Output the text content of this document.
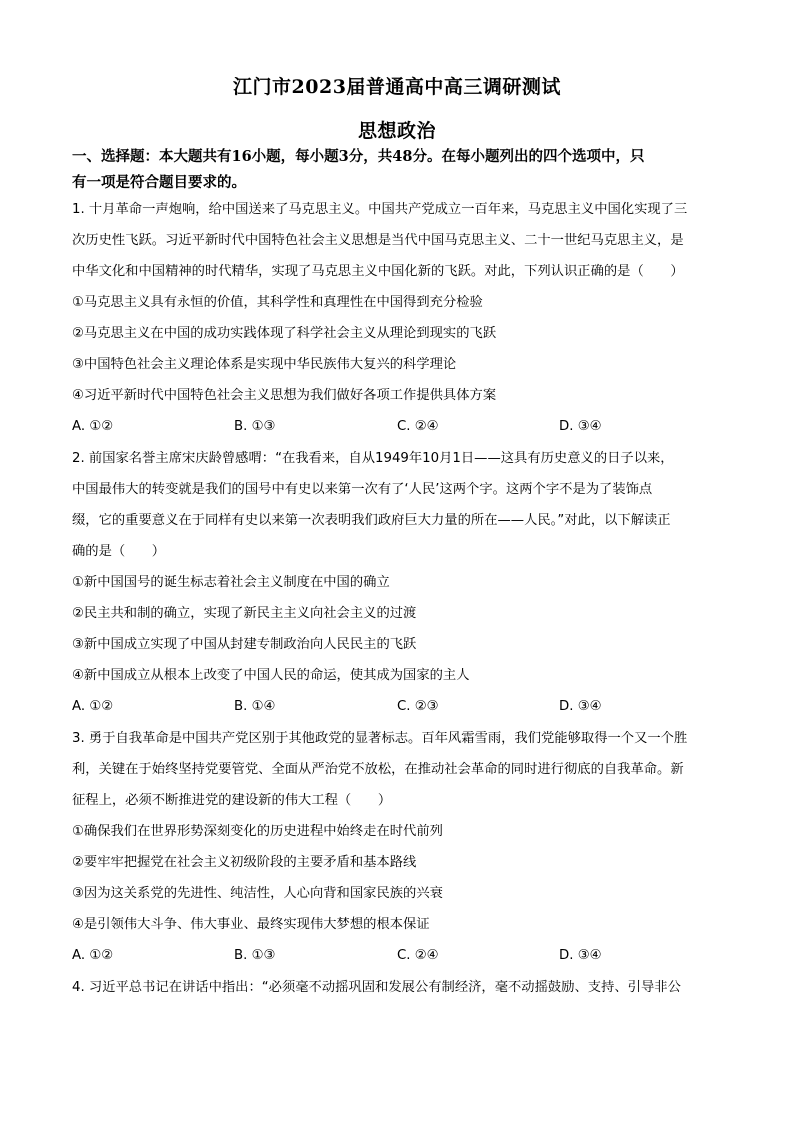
江门市2023届普通高中高三调研测试
思想政治
一、选择题：本大题共有16小题，每小题3分，共48分。在每小题列出的四个选项中，只
有一项是符合题目要求的。
1. 十月革命一声炮响，给中国送来了马克思主义。中国共产党成立一百年来，马克思主义中国化实现了三
次历史性飞跃。习近平新时代中国特色社会主义思想是当代中国马克思主义、二十一世纪马克思主义，是
中华文化和中国精神的时代精华，实现了马克思主义中国化新的飞跃。对此，下列认识正确的是（　　）
①马克思主义具有永恒的价值，其科学性和真理性在中国得到充分检验
②马克思主义在中国的成功实践体现了科学社会主义从理论到现实的飞跃
③中国特色社会主义理论体系是实现中华民族伟大复兴的科学理论
④习近平新时代中国特色社会主义思想为我们做好各项工作提供具体方案
A. ①②	B. ①③	C. ②④	D. ③④
2. 前国家名誉主席宋庆龄曾感喟：“在我看来，自从1949年10月1日——这具有历史意义的日子以来，
中国最伟大的转变就是我们的国号中有史以来第一次有了‘人民’这两个字。这两个字不是为了装饰点
缀，它的重要意义在于同样有史以来第一次表明我们政府巨大力量的所在——人民。”对此，以下解读正
确的是（　　）
①新中国国号的诞生标志着社会主义制度在中国的确立
②民主共和制的确立，实现了新民主主义向社会主义的过渡
③新中国成立实现了中国从封建专制政治向人民民主的飞跃
④新中国成立从根本上改变了中国人民的命运，使其成为国家的主人
A. ①②	B. ①④	C. ②③	D. ③④
3. 勇于自我革命是中国共产党区别于其他政党的显著标志。百年风霜雪雨，我们党能够取得一个又一个胜
利，关键在于始终坚持党要管党、全面从严治党不放松，在推动社会革命的同时进行彻底的自我革命。新
征程上，必须不断推进党的建设新的伟大工程（　　）
①确保我们在世界形势深刻变化的历史进程中始终走在时代前列
②要牢牢把握党在社会主义初级阶段的主要矛盾和基本路线
③因为这关系党的先进性、纯洁性，人心向背和国家民族的兴衰
④是引领伟大斗争、伟大事业、最终实现伟大梦想的根本保证
A. ①②	B. ①③	C. ②④	D. ③④
4. 习近平总书记在讲话中指出：“必须毫不动摇巩固和发展公有制经济，毫不动摇鼓励、支持、引导非公
